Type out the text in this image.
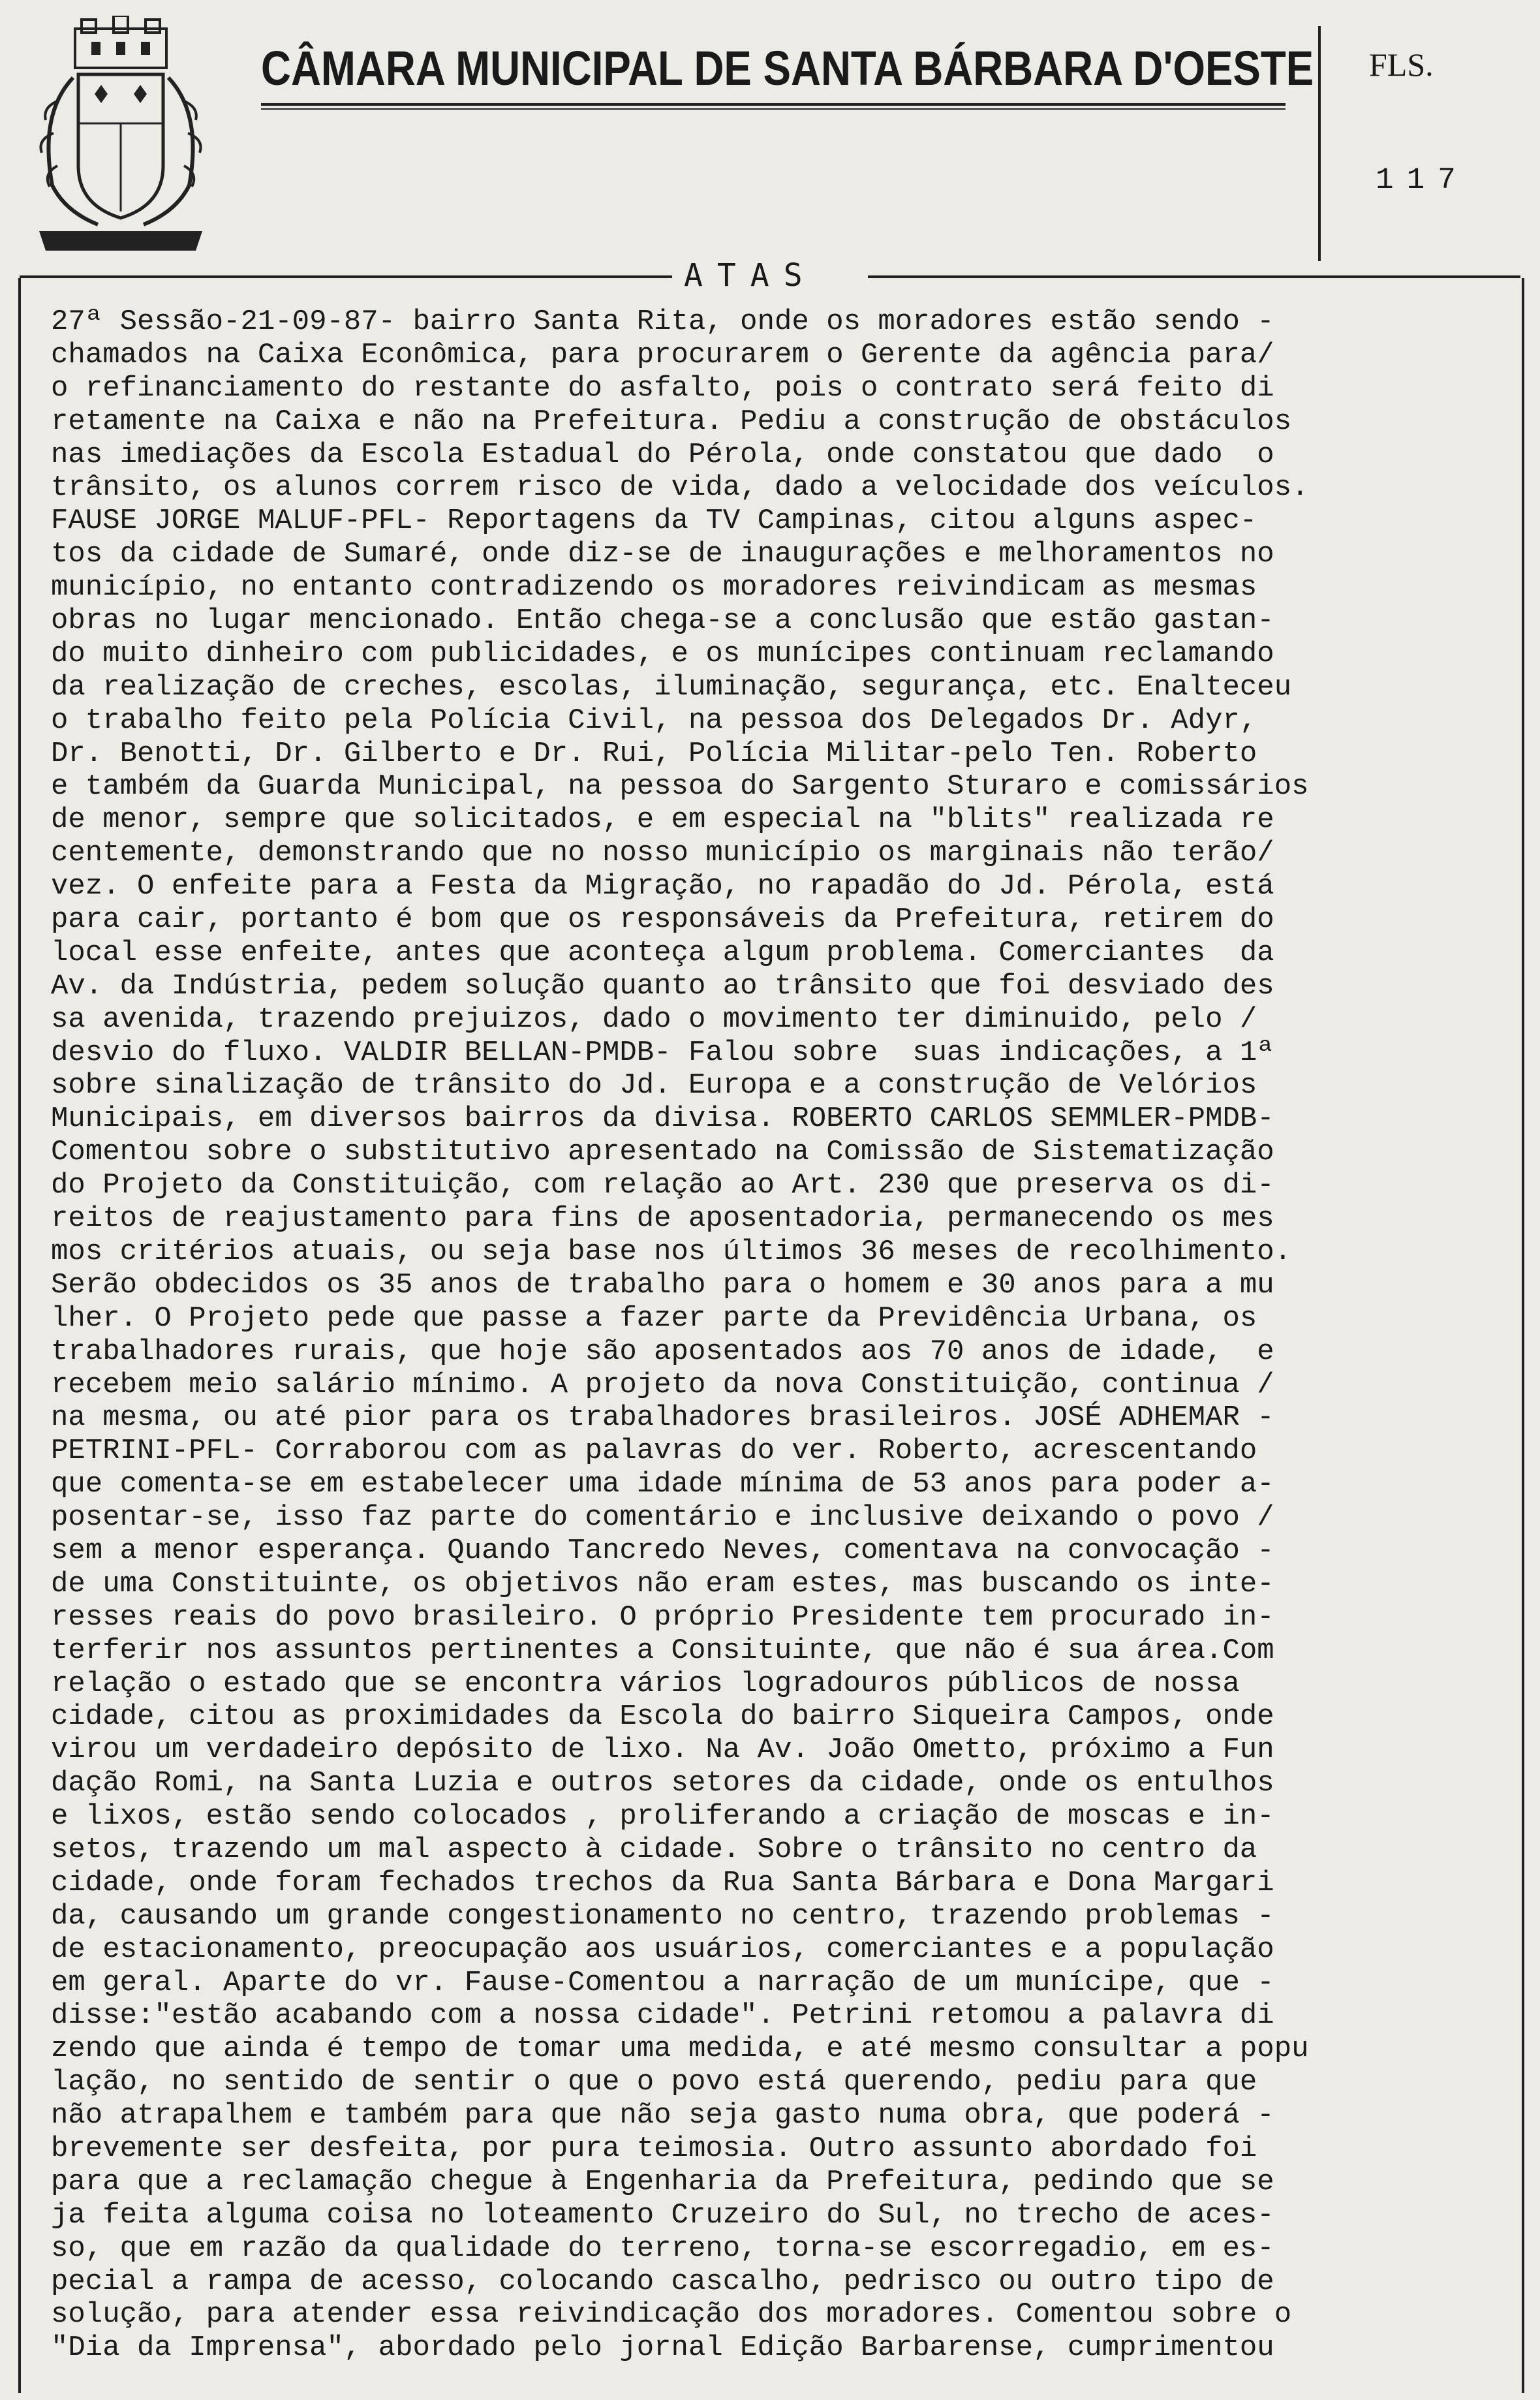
CÂMARA MUNICIPAL DE SANTA BÁRBARA D'OESTE FLS.
117
ATAS
27ª Sessão-21-09-87- bairro Santa Rita, onde os moradores estão sendo -
chamados na Caixa Econômica, para procurarem o Gerente da agência para/
o refinanciamento do restante do asfalto, pois o contrato será feito di
retamente na Caixa e não na Prefeitura. Pediu a construção de obstáculos
nas imediações da Escola Estadual do Pérola, onde constatou que dado  o
trânsito, os alunos correm risco de vida, dado a velocidade dos veículos.
FAUSE JORGE MALUF-PFL- Reportagens da TV Campinas, citou alguns aspec-
tos da cidade de Sumaré, onde diz-se de inaugurações e melhoramentos no
município, no entanto contradizendo os moradores reivindicam as mesmas
obras no lugar mencionado. Então chega-se a conclusão que estão gastan-
do muito dinheiro com publicidades, e os munícipes continuam reclamando
da realização de creches, escolas, iluminação, segurança, etc. Enalteceu
o trabalho feito pela Polícia Civil, na pessoa dos Delegados Dr. Adyr,
Dr. Benotti, Dr. Gilberto e Dr. Rui, Polícia Militar-pelo Ten. Roberto
e também da Guarda Municipal, na pessoa do Sargento Sturaro e comissários
de menor, sempre que solicitados, e em especial na "blits" realizada re
centemente, demonstrando que no nosso município os marginais não terão/
vez. O enfeite para a Festa da Migração, no rapadão do Jd. Pérola, está
para cair, portanto é bom que os responsáveis da Prefeitura, retirem do
local esse enfeite, antes que aconteça algum problema. Comerciantes  da
Av. da Indústria, pedem solução quanto ao trânsito que foi desviado des
sa avenida, trazendo prejuizos, dado o movimento ter diminuido, pelo /
desvio do fluxo. VALDIR BELLAN-PMDB- Falou sobre  suas indicações, a 1ª
sobre sinalização de trânsito do Jd. Europa e a construção de Velórios
Municipais, em diversos bairros da divisa. ROBERTO CARLOS SEMMLER-PMDB-
Comentou sobre o substitutivo apresentado na Comissão de Sistematização
do Projeto da Constituição, com relação ao Art. 230 que preserva os di-
reitos de reajustamento para fins de aposentadoria, permanecendo os mes
mos critérios atuais, ou seja base nos últimos 36 meses de recolhimento.
Serão obdecidos os 35 anos de trabalho para o homem e 30 anos para a mu
lher. O Projeto pede que passe a fazer parte da Previdência Urbana, os
trabalhadores rurais, que hoje são aposentados aos 70 anos de idade,  e
recebem meio salário mínimo. A projeto da nova Constituição, continua /
na mesma, ou até pior para os trabalhadores brasileiros. JOSÉ ADHEMAR -
PETRINI-PFL- Corraborou com as palavras do ver. Roberto, acrescentando
que comenta-se em estabelecer uma idade mínima de 53 anos para poder a-
posentar-se, isso faz parte do comentário e inclusive deixando o povo /
sem a menor esperança. Quando Tancredo Neves, comentava na convocação -
de uma Constituinte, os objetivos não eram estes, mas buscando os inte-
resses reais do povo brasileiro. O próprio Presidente tem procurado in-
terferir nos assuntos pertinentes a Consituinte, que não é sua área.Com
relação o estado que se encontra vários logradouros públicos de nossa
cidade, citou as proximidades da Escola do bairro Siqueira Campos, onde
virou um verdadeiro depósito de lixo. Na Av. João Ometto, próximo a Fun
dação Romi, na Santa Luzia e outros setores da cidade, onde os entulhos
e lixos, estão sendo colocados , proliferando a criação de moscas e in-
setos, trazendo um mal aspecto à cidade. Sobre o trânsito no centro da
cidade, onde foram fechados trechos da Rua Santa Bárbara e Dona Margari
da, causando um grande congestionamento no centro, trazendo problemas -
de estacionamento, preocupação aos usuários, comerciantes e a população
em geral. Aparte do vr. Fause-Comentou a narração de um munícipe, que -
disse:"estão acabando com a nossa cidade". Petrini retomou a palavra di
zendo que ainda é tempo de tomar uma medida, e até mesmo consultar a popu
lação, no sentido de sentir o que o povo está querendo, pediu para que
não atrapalhem e também para que não seja gasto numa obra, que poderá -
brevemente ser desfeita, por pura teimosia. Outro assunto abordado foi
para que a reclamação chegue à Engenharia da Prefeitura, pedindo que se
ja feita alguma coisa no loteamento Cruzeiro do Sul, no trecho de aces-
so, que em razão da qualidade do terreno, torna-se escorregadio, em es-
pecial a rampa de acesso, colocando cascalho, pedrisco ou outro tipo de
solução, para atender essa reivindicação dos moradores. Comentou sobre o
"Dia da Imprensa", abordado pelo jornal Edição Barbarense, cumprimentou
